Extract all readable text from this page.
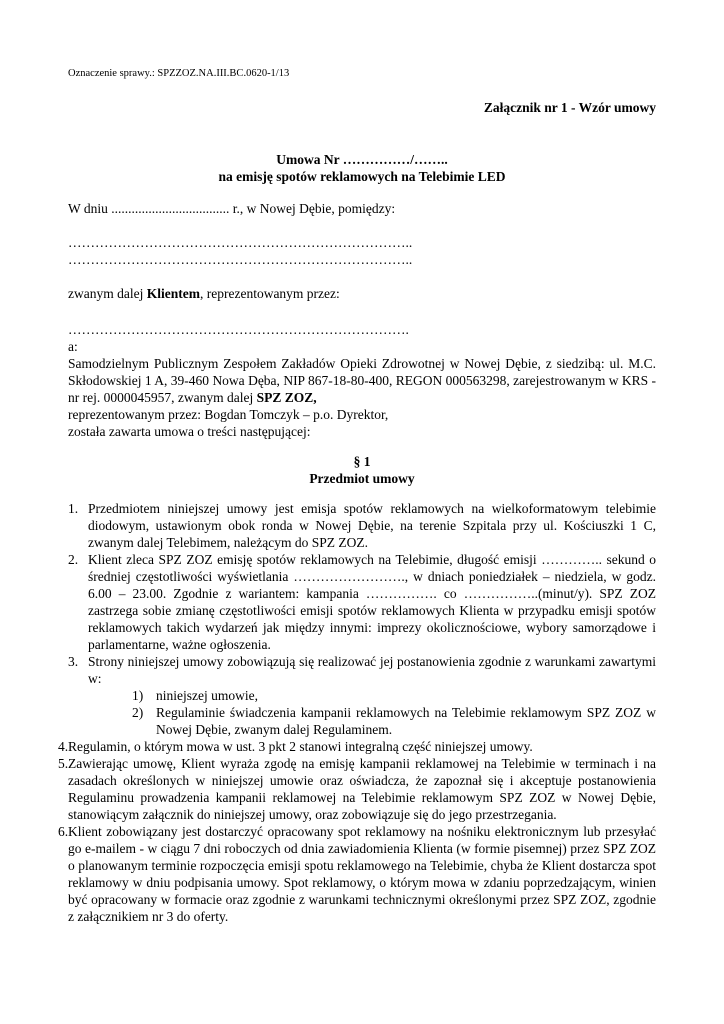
Oznaczenie sprawy.: SPZZOZ.NA.III.BC.0620-1/13
Załącznik nr 1 - Wzór umowy
Umowa Nr ……………/……..
na emisję spotów reklamowych na Telebimie LED
W dniu ................................... r., w Nowej Dębie, pomiędzy:
…………………………………………………………………..
…………………………………………………………………..
zwanym dalej Klientem, reprezentowanym przez:
………………………………………………………………….
a:
Samodzielnym Publicznym Zespołem Zakładów Opieki Zdrowotnej w Nowej Dębie, z siedzibą: ul. M.C. Skłodowskiej 1 A, 39-460 Nowa Dęba, NIP 867-18-80-400, REGON 000563298, zarejestrowanym w KRS - nr rej. 0000045957, zwanym dalej SPZ ZOZ,
reprezentowanym przez: Bogdan Tomczyk – p.o. Dyrektor,
została zawarta umowa o treści następującej:
§ 1
Przedmiot umowy
1. Przedmiotem niniejszej umowy jest emisja spotów reklamowych na wielkoformatowym telebimie diodowym, ustawionym obok ronda w Nowej Dębie, na terenie Szpitala przy ul. Kościuszki 1 C, zwanym dalej Telebimem, należącym do SPZ ZOZ.
2. Klient zleca SPZ ZOZ emisję spotów reklamowych na Telebimie, długość emisji ………….. sekund o średniej częstotliwości wyświetlania ……………………., w dniach poniedziałek – niedziela, w godz. 6.00 – 23.00. Zgodnie z wariantem: kampania ……………. co ……………..(minut/y). SPZ ZOZ zastrzega sobie zmianę częstotliwości emisji spotów reklamowych Klienta w przypadku emisji spotów reklamowych takich wydarzeń jak między innymi: imprezy okolicznościowe, wybory samorządowe i parlamentarne, ważne ogłoszenia.
3. Strony niniejszej umowy zobowiązują się realizować jej postanowienia zgodnie z warunkami zawartymi w:
1) niniejszej umowie,
2) Regulaminie świadczenia kampanii reklamowych na Telebimie reklamowym SPZ ZOZ w Nowej Dębie, zwanym dalej Regulaminem.
4. Regulamin, o którym mowa w ust. 3 pkt 2 stanowi integralną część niniejszej umowy.
5. Zawierając umowę, Klient wyraża zgodę na emisję kampanii reklamowej na Telebimie w terminach i na zasadach określonych w niniejszej umowie oraz oświadcza, że zapoznał się i akceptuje postanowienia Regulaminu prowadzenia kampanii reklamowej na Telebimie reklamowym SPZ ZOZ w Nowej Dębie, stanowiącym załącznik do niniejszej umowy, oraz zobowiązuje się do jego przestrzegania.
6. Klient zobowiązany jest dostarczyć opracowany spot reklamowy na nośniku elektronicznym lub przesyłać go e-mailem - w ciągu 7 dni roboczych od dnia zawiadomienia Klienta (w formie pisemnej) przez SPZ ZOZ o planowanym terminie rozpoczęcia emisji spotu reklamowego na Telebimie, chyba że Klient dostarcza spot reklamowy w dniu podpisania umowy. Spot reklamowy, o którym mowa w zdaniu poprzedzającym, winien być opracowany w formacie oraz zgodnie z warunkami technicznymi określonymi przez SPZ ZOZ, zgodnie z załącznikiem nr 3 do oferty.
